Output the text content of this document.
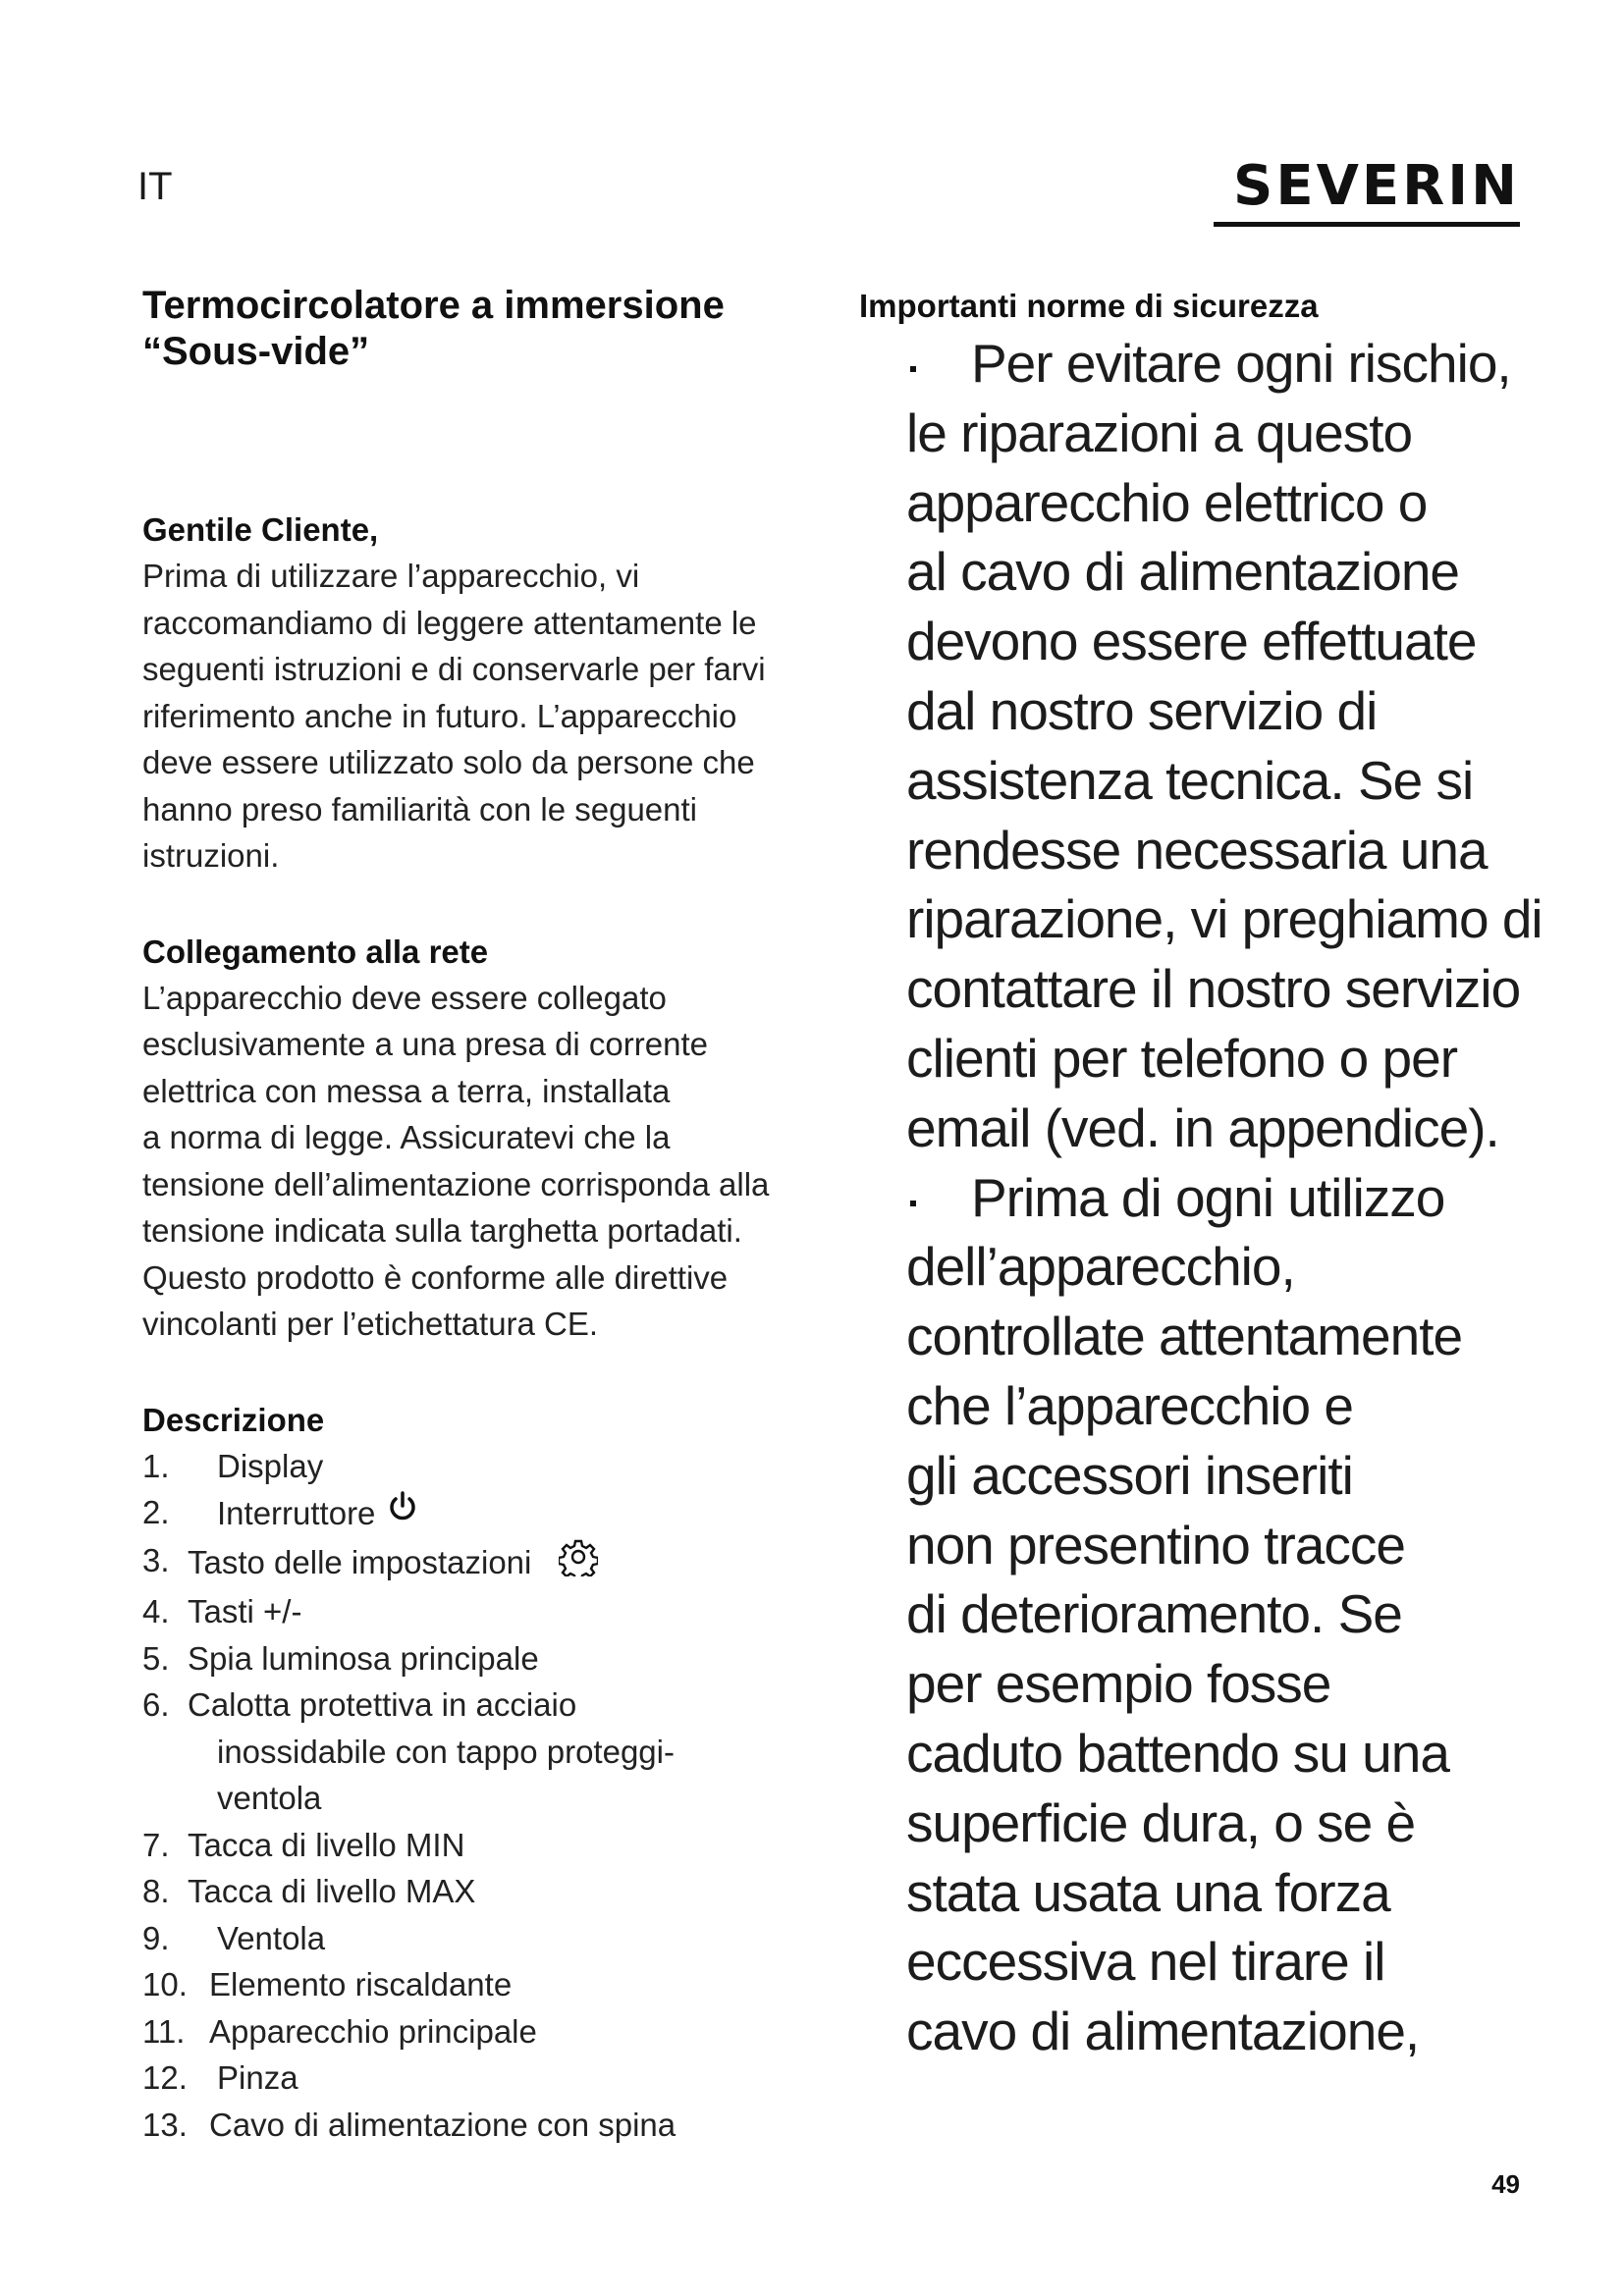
IT	SEVERIN
Termocircolatore a immersione
“Sous-vide”

Gentile Cliente,

Prima di utilizzare l’apparecchio, vi

raccomandiamo di leggere attentamente le

seguenti istruzioni e di conservarle per farvi

riferimento anche in futuro. L’apparecchio

deve essere utilizzato solo da persone che

hanno preso familiarità con le seguenti

istruzioni.

Collegamento alla rete

L’apparecchio deve essere collegato

esclusivamente a una presa di corrente

elettrica con messa a terra, installata

a norma di legge. Assicuratevi che la

tensione dell’alimentazione corrisponda alla

tensione indicata sulla targhetta portadati.

Questo prodotto è conforme alle direttive

vincolanti per l’etichettatura CE.

Descrizione

1.	Display
2.	Interruttore
3. Tasto delle impostazioni
4. Tasti +/-
5. Spia luminosa principale
6. Calotta protettiva in acciaio
inossidabile con tappo proteggi-
ventola
7. Tacca di livello MIN
8. Tacca di livello MAX
9.	Ventola
10. Elemento riscaldante
11. Apparecchio principale
12. Pinza
13. Cavo di alimentazione con spina

Importanti norme di sicurezza

Per evitare ogni rischio,

le riparazioni a questo

apparecchio elettrico o

al cavo di alimentazione

devono essere effettuate

dal nostro servizio di

assistenza tecnica. Se si

rendesse necessaria una

riparazione, vi preghiamo di

contattare il nostro servizio

clienti per telefono o per

email (ved. in appendice).

Prima di ogni utilizzo

dell’apparecchio,

controllate attentamente

che l’apparecchio e

gli accessori inseriti

non presentino tracce

di deterioramento. Se

per esempio fosse

caduto battendo su una

superficie dura, o se è

stata usata una forza

eccessiva nel tirare il

cavo di alimentazione,

49
